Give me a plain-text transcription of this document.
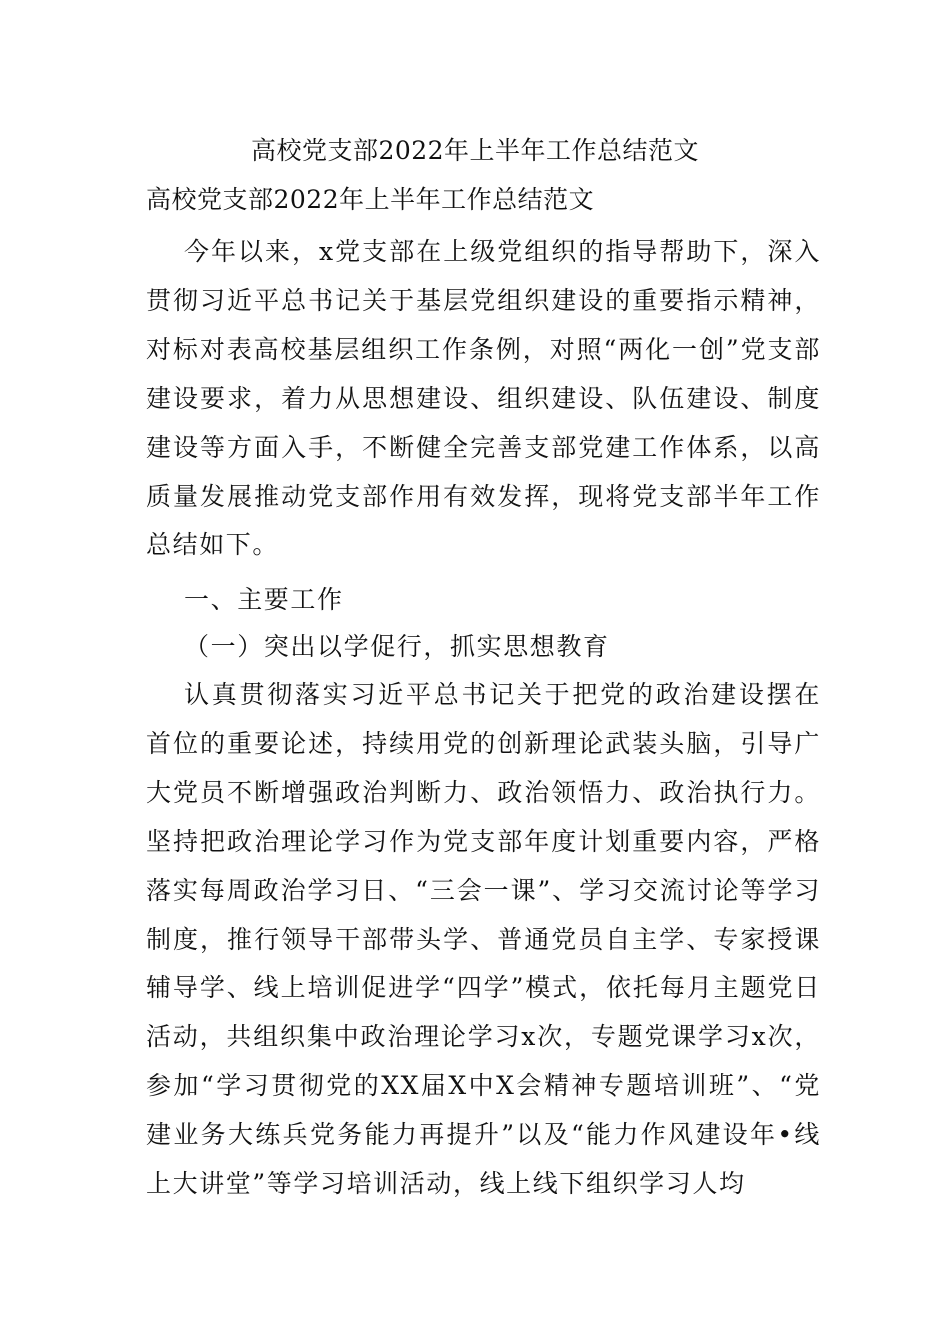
高校党支部2022年上半年工作总结范文
高校党支部2022年上半年工作总结范文

今年以来，x党支部在上级党组织的指导帮助下，深入贯彻习近平总书记关于基层党组织建设的重要指示精神，对标对表高校基层组织工作条例，对照“两化一创”党支部建设要求，着力从思想建设、组织建设、队伍建设、制度建设等方面入手，不断健全完善支部党建工作体系，以高质量发展推动党支部作用有效发挥，现将党支部半年工作总结如下。

一、主要工作

（一）突出以学促行，抓实思想教育

认真贯彻落实习近平总书记关于把党的政治建设摆在首位的重要论述，持续用党的创新理论武装头脑，引导广大党员不断增强政治判断力、政治领悟力、政治执行力。坚持把政治理论学习作为党支部年度计划重要内容，严格落实每周政治学习日、“三会一课”、学习交流讨论等学习制度，推行领导干部带头学、普通党员自主学、专家授课辅导学、线上培训促进学“四学”模式，依托每月主题党日活动，共组织集中政治理论学习x次，专题党课学习x次，参加“学习贯彻党的XX届X中X会精神专题培训班”、“党建业务大练兵党务能力再提升”以及“能力作风建设年•线上大讲堂”等学习培训活动，线上线下组织学习人均
